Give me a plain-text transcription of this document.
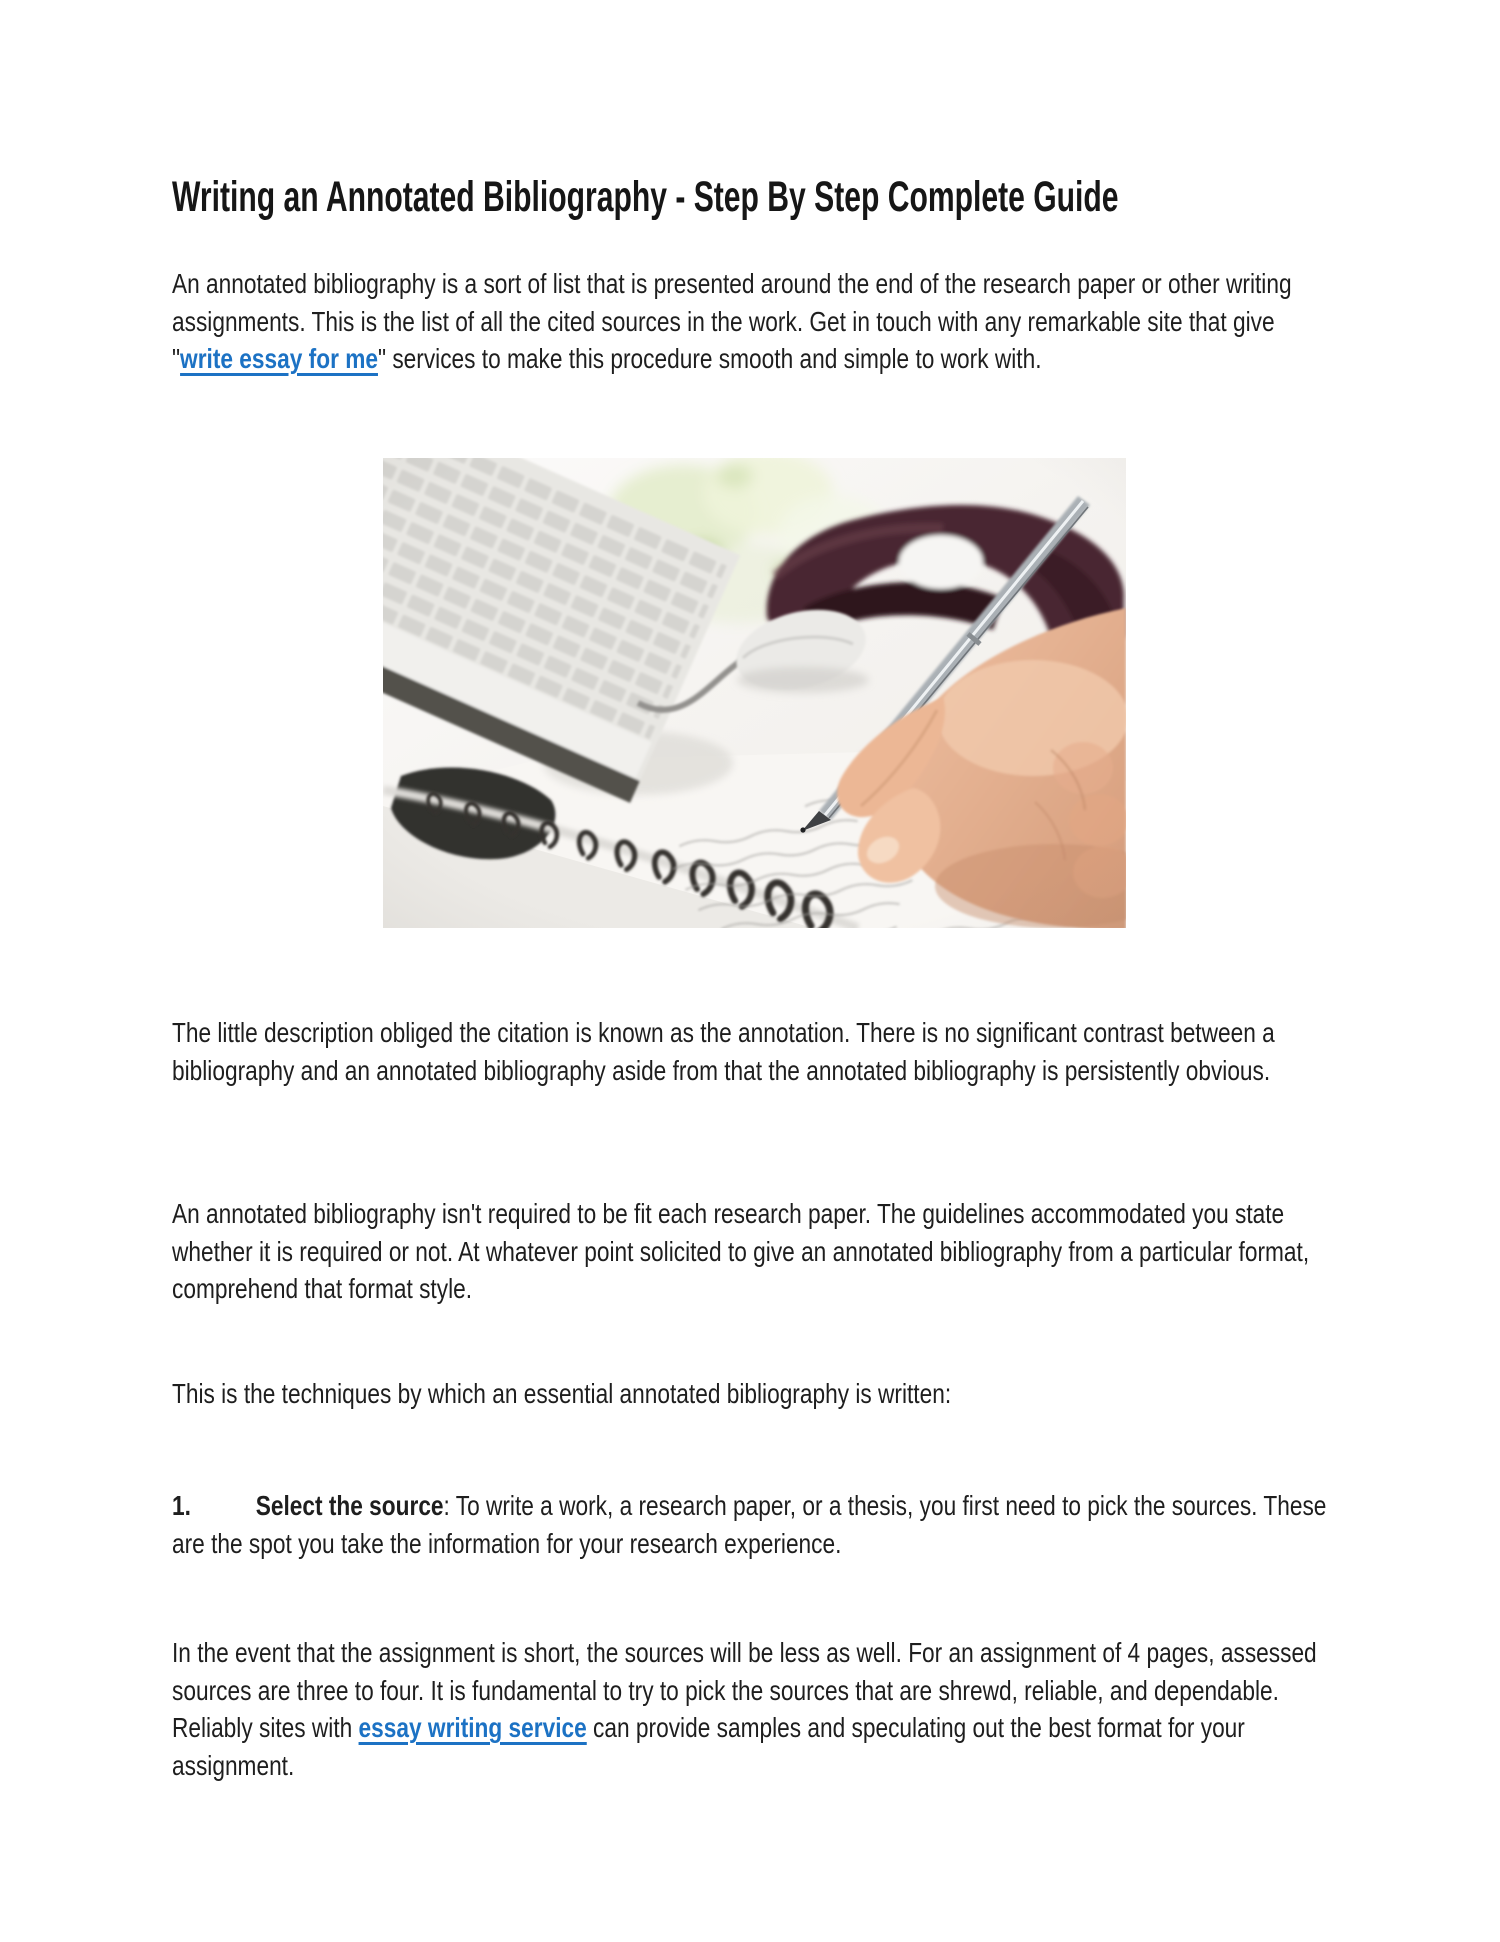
Writing an Annotated Bibliography - Step By Step Complete Guide
An annotated bibliography is a sort of list that is presented around the end of the research paper or other writing assignments. This is the list of all the cited sources in the work. Get in touch with any remarkable site that give "write essay for me" services to make this procedure smooth and simple to work with.
The little description obliged the citation is known as the annotation. There is no significant contrast between a bibliography and an annotated bibliography aside from that the annotated bibliography is persistently obvious.
An annotated bibliography isn't required to be fit each research paper. The guidelines accommodated you state whether it is required or not. At whatever point solicited to give an annotated bibliography from a particular format, comprehend that format style.
This is the techniques by which an essential annotated bibliography is written:
1. Select the source: To write a work, a research paper, or a thesis, you first need to pick the sources. These are the spot you take the information for your research experience.
In the event that the assignment is short, the sources will be less as well. For an assignment of 4 pages, assessed sources are three to four. It is fundamental to try to pick the sources that are shrewd, reliable, and dependable. Reliably sites with essay writing service can provide samples and speculating out the best format for your assignment.
